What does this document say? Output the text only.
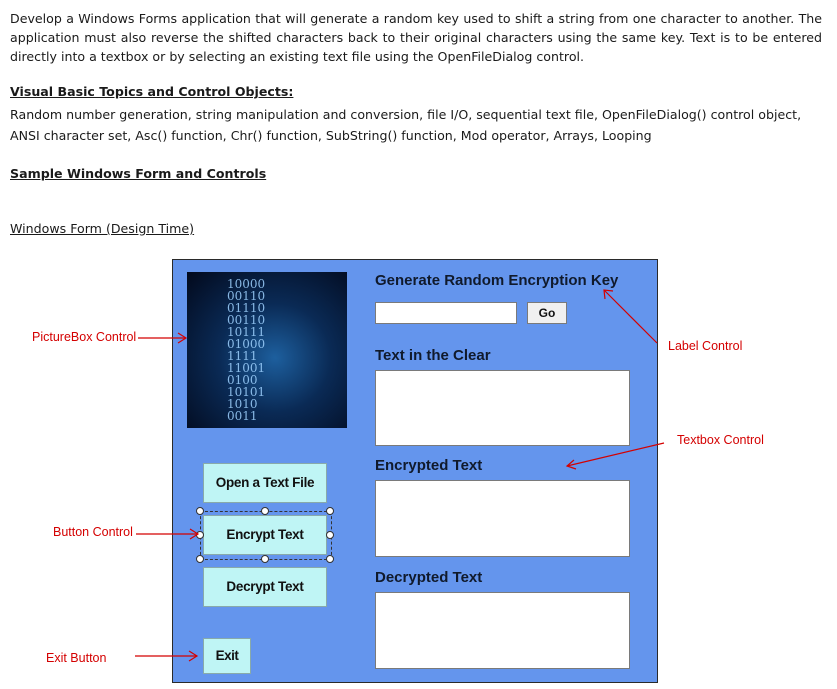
Develop a Windows Forms application that will generate a random key used to shift a string from one character to another. The application must also reverse the shifted characters back to their original characters using the same key. Text is to be entered directly into a textbox or by selecting an existing text file using the OpenFileDialog control.

Visual Basic Topics and Control Objects:

Random number generation, string manipulation and conversion, file I/O, sequential text file, OpenFileDialog() control object, ANSI character set, Asc() function, Chr() function, SubString() function, Mod operator, Arrays, Looping

Sample Windows Form and Controls

Windows Form (Design Time)

10000
00110
01110
00110
10111
01000
1111
11001
0100
10101
1010
0011
Generate Random Encryption Key
Go
Text in the Clear
Encrypted Text
Decrypted Text
Open a Text File
Encrypt Text
Decrypt Text
Exit
PictureBox Control
Label Control
Textbox Control
Button Control
Exit Button
